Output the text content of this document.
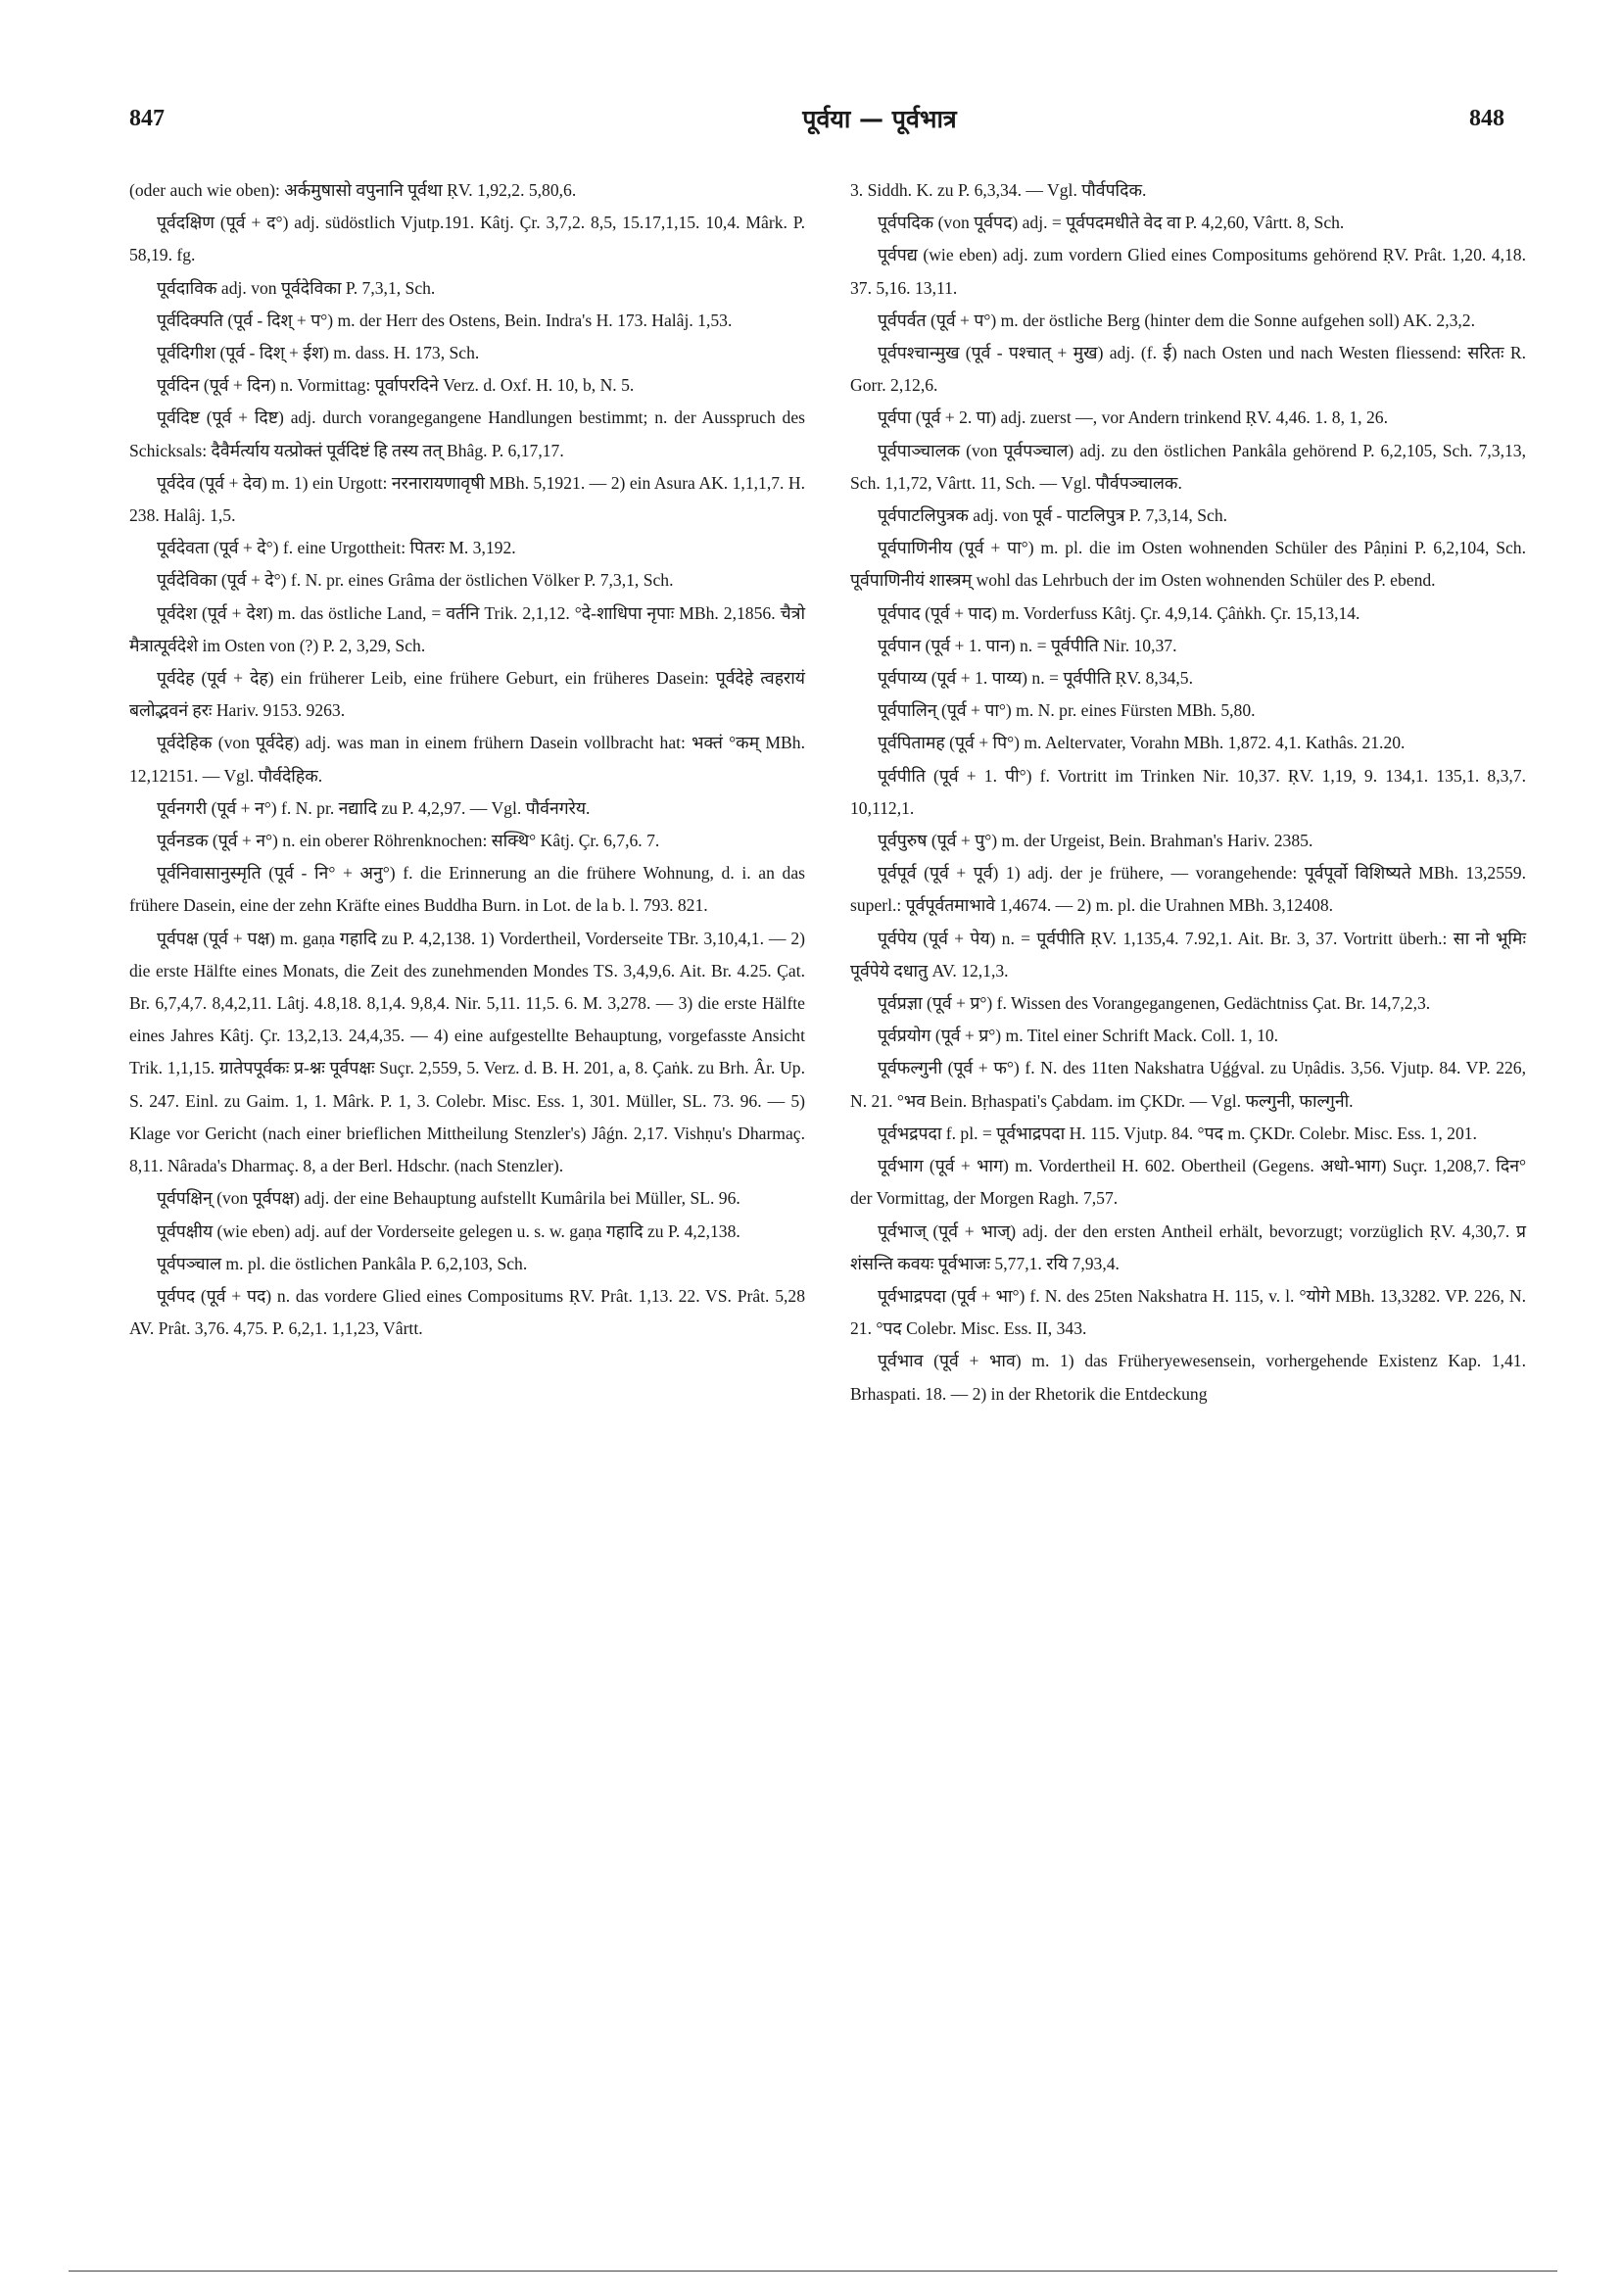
847	पूर्वया — पूर्वभात्र	848

(oder auch wie oben): अर्कमुषासो वपुनानि पूर्वथा ṚV. 1,92,2. 5,80,6.

पूर्वदक्षिण (पूर्व + द°) adj. südöstlich Vjutp.191. Kâtj. Çr. 3,7,2. 8,5, 15.17,1,15. 10,4. Mârk. P. 58,19. fg.

पूर्वदाविक adj. von पूर्वदेविका P. 7,3,1, Sch.

पूर्वदिक्पति (पूर्व - दिश् + प°) m. der Herr des Ostens, Bein. Indra's H. 173. Halâj. 1,53.

पूर्वदिगीश (पूर्व - दिश् + ईश) m. dass. H. 173, Sch.

पूर्वदिन (पूर्व + दिन) n. Vormittag: पूर्वापरदिने Verz. d. Oxf. H. 10, b, N. 5.

पूर्वदिष्ट (पूर्व + दिष्ट) adj. durch vorangegangene Handlungen bestimmt; n. der Ausspruch des Schicksals: दैवैर्मर्त्याय यत्प्रोक्तं पूर्वदिष्टं हि तस्य तत् Bhâg. P. 6,17,17.

पूर्वदेव (पूर्व + देव) m. 1) ein Urgott: नरनारायणावृषी MBh. 5,1921. — 2) ein Asura AK. 1,1,1,7. H. 238. Halâj. 1,5.

पूर्वदेवता (पूर्व + दे°) f. eine Urgottheit: पितरः M. 3,192.

पूर्वदेविका (पूर्व + दे°) f. N. pr. eines Grâma der östlichen Völker P. 7,3,1, Sch.

पूर्वदेश (पूर्व + देश) m. das östliche Land, = वर्तनि Trik. 2,1,12. °दे-शाधिपा नृपाः MBh. 2,1856. चैत्रो मैत्रात्पूर्वदेशे im Osten von (?) P. 2, 3,29, Sch.

पूर्वदेह (पूर्व + देह) ein früherer Leib, eine frühere Geburt, ein früheres Dasein: पूर्वदेहे त्वहरायं बलोद्भवनं हरः Hariv. 9153. 9263.

पूर्वदेहिक (von पूर्वदेह) adj. was man in einem frühern Dasein vollbracht hat: भक्तं °कम् MBh. 12,12151. — Vgl. पौर्वदेहिक.

पूर्वनगरी (पूर्व + न°) f. N. pr. नद्यादि zu P. 4,2,97. — Vgl. पौर्वनगरेय.

पूर्वनडक (पूर्व + न°) n. ein oberer Röhrenknochen: सक्थि° Kâtj. Çr. 6,7,6. 7.

पूर्वनिवासानुस्मृति (पूर्व - नि° + अनु°) f. die Erinnerung an die frühere Wohnung, d. i. an das frühere Dasein, eine der zehn Kräfte eines Buddha Burn. in Lot. de la b. l. 793. 821.

पूर्वपक्ष (पूर्व + पक्ष) m. gaṇa गहादि zu P. 4,2,138. 1) Vordertheil, Vorderseite TBr. 3,10,4,1. — 2) die erste Hälfte eines Monats, die Zeit des zunehmenden Mondes TS. 3,4,9,6. Ait. Br. 4.25. Çat. Br. 6,7,4,7. 8,4,2,11. Lâtj. 4.8,18. 8,1,4. 9,8,4. Nir. 5,11. 11,5. 6. M. 3,278. — 3) die erste Hälfte eines Jahres Kâtj. Çr. 13,2,13. 24,4,35. — 4) eine aufgestellte Behauptung, vorgefasste Ansicht Trik. 1,1,15. ग्रातेपपूर्वकः प्र-श्नः पूर्वपक्षः Suçr. 2,559, 5. Verz. d. B. H. 201, a, 8. Çaṅk. zu Brh. Âr. Up. S. 247. Einl. zu Gaim. 1, 1. Mârk. P. 1, 3. Colebr. Misc. Ess. 1, 301. Müller, SL. 73. 96. — 5) Klage vor Gericht (nach einer brieflichen Mittheilung Stenzler's) Jâǵn. 2,17. Vishṇu's Dharmaç. 8,11. Nârada's Dharmaç. 8, a der Berl. Hdschr. (nach Stenzler).

पूर्वपक्षिन् (von पूर्वपक्ष) adj. der eine Behauptung aufstellt Kumârila bei Müller, SL. 96.

पूर्वपक्षीय (wie eben) adj. auf der Vorderseite gelegen u. s. w. gaṇa गहादि zu P. 4,2,138.

पूर्वपञ्चाल m. pl. die östlichen Pankâla P. 6,2,103, Sch.

पूर्वपद (पूर्व + पद) n. das vordere Glied eines Compositums ṚV. Prât. 1,13. 22. VS. Prât. 5,28 AV. Prât. 3,76. 4,75. P. 6,2,1. 1,1,23, Vârtt.

3. Siddh. K. zu P. 6,3,34. — Vgl. पौर्वपदिक.

पूर्वपदिक (von पूर्वपद) adj. = पूर्वपदमधीते वेद वा P. 4,2,60, Vârtt. 8, Sch.

पूर्वपद्य (wie eben) adj. zum vordern Glied eines Compositums gehörend ṚV. Prât. 1,20. 4,18. 37. 5,16. 13,11.

पूर्वपर्वत (पूर्व + प°) m. der östliche Berg (hinter dem die Sonne aufgehen soll) AK. 2,3,2.

पूर्वपश्चान्मुख (पूर्व - पश्चात् + मुख) adj. (f. ई) nach Osten und nach Westen fliessend: सरितः R. Gorr. 2,12,6.

पूर्वपा (पूर्व + 2. पा) adj. zuerst —, vor Andern trinkend ṚV. 4,46. 1. 8, 1, 26.

पूर्वपाञ्चालक (von पूर्वपञ्चाल) adj. zu den östlichen Pankâla gehörend P. 6,2,105, Sch. 7,3,13, Sch. 1,1,72, Vârtt. 11, Sch. — Vgl. पौर्वपञ्चालक.

पूर्वपाटलिपुत्रक adj. von पूर्व - पाटलिपुत्र P. 7,3,14, Sch.

पूर्वपाणिनीय (पूर्व + पा°) m. pl. die im Osten wohnenden Schüler des Pâṇini P. 6,2,104, Sch. पूर्वपाणिनीयं शास्त्रम् wohl das Lehrbuch der im Osten wohnenden Schüler des P. ebend.

पूर्वपाद (पूर्व + पाद) m. Vorderfuss Kâtj. Çr. 4,9,14. Çâṅkh. Çr. 15,13,14.

पूर्वपान (पूर्व + 1. पान) n. = पूर्वपीति Nir. 10,37.

पूर्वपाय्य (पूर्व + 1. पाय्य) n. = पूर्वपीति ṚV. 8,34,5.

पूर्वपालिन् (पूर्व + पा°) m. N. pr. eines Fürsten MBh. 5,80.

पूर्वपितामह (पूर्व + पि°) m. Aeltervater, Vorahn MBh. 1,872. 4,1. Kathâs. 21.20.

पूर्वपीति (पूर्व + 1. पी°) f. Vortritt im Trinken Nir. 10,37. ṚV. 1,19, 9. 134,1. 135,1. 8,3,7. 10,112,1.

पूर्वपुरुष (पूर्व + पु°) m. der Urgeist, Bein. Brahman's Hariv. 2385.

पूर्वपूर्व (पूर्व + पूर्व) 1) adj. der je frühere, — vorangehende: पूर्वपूर्वो विशिष्यते MBh. 13,2559. superl.: पूर्वपूर्वतमाभावे 1,4674. — 2) m. pl. die Urahnen MBh. 3,12408.

पूर्वपेय (पूर्व + पेय) n. = पूर्वपीति ṚV. 1,135,4. 7.92,1. Ait. Br. 3, 37. Vortritt überh.: सा नो भूमिः पूर्वपेये दधातु AV. 12,1,3.

पूर्वप्रज्ञा (पूर्व + प्र°) f. Wissen des Vorangegangenen, Gedächtniss Çat. Br. 14,7,2,3.

पूर्वप्रयोग (पूर्व + प्र°) m. Titel einer Schrift Mack. Coll. 1, 10.

पूर्वफल्गुनी (पूर्व + फ°) f. N. des 11ten Nakshatra Uǵǵval. zu Uṇâdis. 3,56. Vjutp. 84. VP. 226, N. 21. °भव Bein. Bṛhaspati's Çabdam. im ÇKDr. — Vgl. फल्गुनी, फाल्गुनी.

पूर्वभद्रपदा f. pl. = पूर्वभाद्रपदा H. 115. Vjutp. 84. °पद m. ÇKDr. Colebr. Misc. Ess. 1, 201.

पूर्वभाग (पूर्व + भाग) m. Vordertheil H. 602. Obertheil (Gegens. अधो-भाग) Suçr. 1,208,7. दिन° der Vormittag, der Morgen Ragh. 7,57.

पूर्वभाज् (पूर्व + भाज्) adj. der den ersten Antheil erhält, bevorzugt; vorzüglich ṚV. 4,30,7. प्र शंसन्ति कवयः पूर्वभाजः 5,77,1. रयि 7,93,4.

पूर्वभाद्रपदा (पूर्व + भा°) f. N. des 25ten Nakshatra H. 115, v. l. °योगे MBh. 13,3282. VP. 226, N. 21. °पद Colebr. Misc. Ess. II, 343.

पूर्वभाव (पूर्व + भाव) m. 1) das Früheryewesensein, vorhergehende Existenz Kap. 1,41. Brhaspati. 18. — 2) in der Rhetorik die Entdeckung
